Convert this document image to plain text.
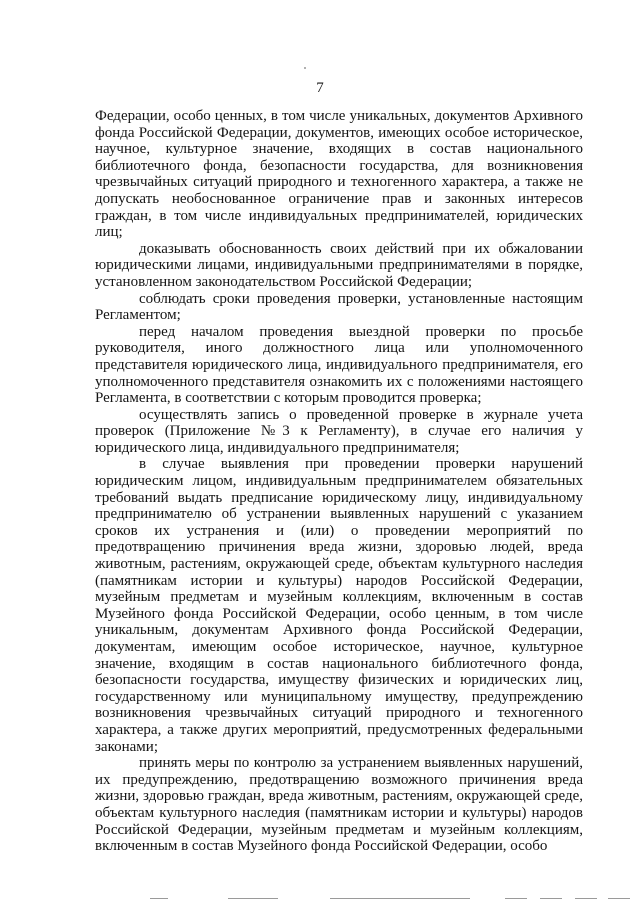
7

Федерации, особо ценных, в том числе уникальных, документов Архивного фонда Российской Федерации, документов, имеющих особое историческое, научное, культурное значение, входящих в состав национального библиотечного фонда, безопасности государства, для возникновения чрезвычайных ситуаций природного и техногенного характера, а также не допускать необоснованное ограничение прав и законных интересов граждан, в том числе индивидуальных предпринимателей, юридических лиц;

доказывать обоснованность своих действий при их обжаловании юридическими лицами, индивидуальными предпринимателями в порядке, установленном законодательством Российской Федерации;

соблюдать сроки проведения проверки, установленные настоящим Регламентом;

перед началом проведения выездной проверки по просьбе руководителя, иного должностного лица или уполномоченного представителя юридического лица, индивидуального предпринимателя, его уполномоченного представителя ознакомить их с положениями настоящего Регламента, в соответствии с которым проводится проверка;

осуществлять запись о проведенной проверке в журнале учета проверок (Приложение №3 к Регламенту), в случае его наличия у юридического лица, индивидуального предпринимателя;

в случае выявления при проведении проверки нарушений юридическим лицом, индивидуальным предпринимателем обязательных требований выдать предписание юридическому лицу, индивидуальному предпринимателю об устранении выявленных нарушений с указанием сроков их устранения и (или) о проведении мероприятий по предотвращению причинения вреда жизни, здоровью людей, вреда животным, растениям, окружающей среде, объектам культурного наследия (памятникам истории и культуры) народов Российской Федерации, музейным предметам и музейным коллекциям, включенным в состав Музейного фонда Российской Федерации, особо ценным, в том числе уникальным, документам Архивного фонда Российской Федерации, документам, имеющим особое историческое, научное, культурное значение, входящим в состав национального библиотечного фонда, безопасности государства, имуществу физических и юридических лиц, государственному или муниципальному имуществу, предупреждению возникновения чрезвычайных ситуаций природного и техногенного характера, а также других мероприятий, предусмотренных федеральными законами;

принять меры по контролю за устранением выявленных нарушений, их предупреждению, предотвращению возможного причинения вреда жизни, здоровью граждан, вреда животным, растениям, окружающей среде, объектам культурного наследия (памятникам истории и культуры) народов Российской Федерации, музейным предметам и музейным коллекциям, включенным в состав Музейного фонда Российской Федерации, особо
